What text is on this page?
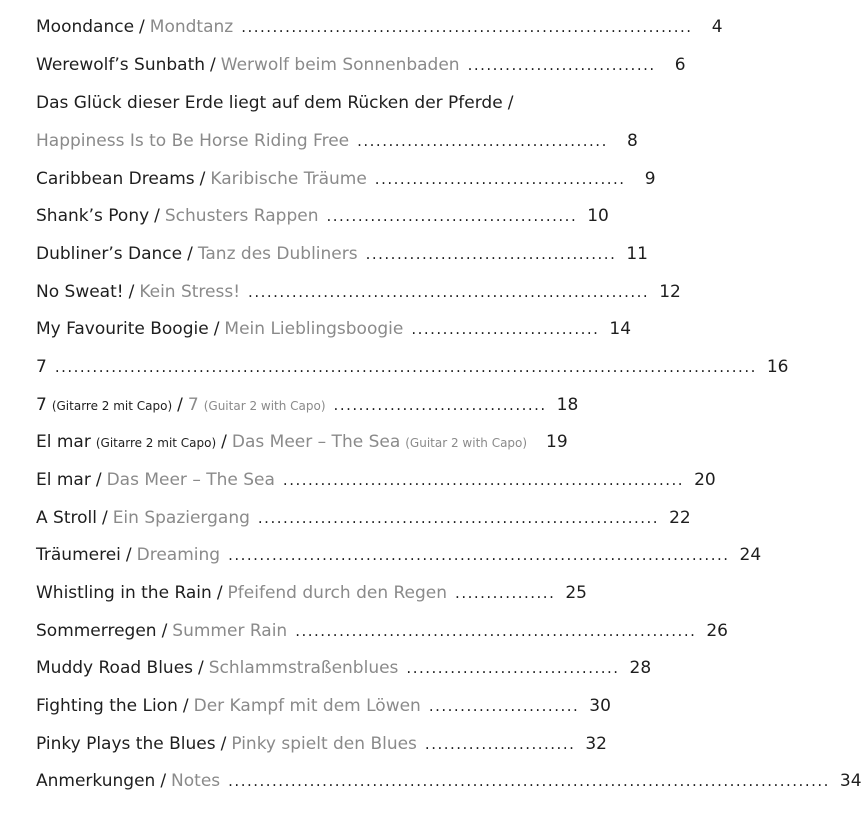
Moondance / Mondtanz ........................................................................	4
Werewolf’s Sunbath / Werwolf beim Sonnenbaden ..............................	6
Das Glück dieser Erde liegt auf dem Rücken der Pferde /
Happiness Is to Be Horse Riding Free ........................................	8
Caribbean Dreams / Karibische Träume ........................................	9
Shank’s Pony / Schusters Rappen ........................................ 10
Dubliner’s Dance / Tanz des Dubliners ........................................ 11
No Sweat! / Kein Stress! ................................................................ 12
My Favourite Boogie / Mein Lieblingsboogie .............................. 14
7 ................................................................................................................ 16
7 (Gitarre 2 mit Capo) / 7 (Guitar 2 with Capo) .................................. 18
El mar (Gitarre 2 mit Capo) / Das Meer – The Sea (Guitar 2 with Capo) 19
El mar / Das Meer – The Sea ................................................................ 20
A Stroll / Ein Spaziergang ................................................................ 22
Träumerei / Dreaming ................................................................................ 24
Whistling in the Rain / Pfeifend durch den Regen ................ 25
Sommerregen / Summer Rain ................................................................ 26
Muddy Road Blues / Schlammstraßenblues .................................. 28
Fighting the Lion / Der Kampf mit dem Löwen ........................ 30
Pinky Plays the Blues / Pinky spielt den Blues ........................ 32
Anmerkungen / Notes ................................................................................................ 34
